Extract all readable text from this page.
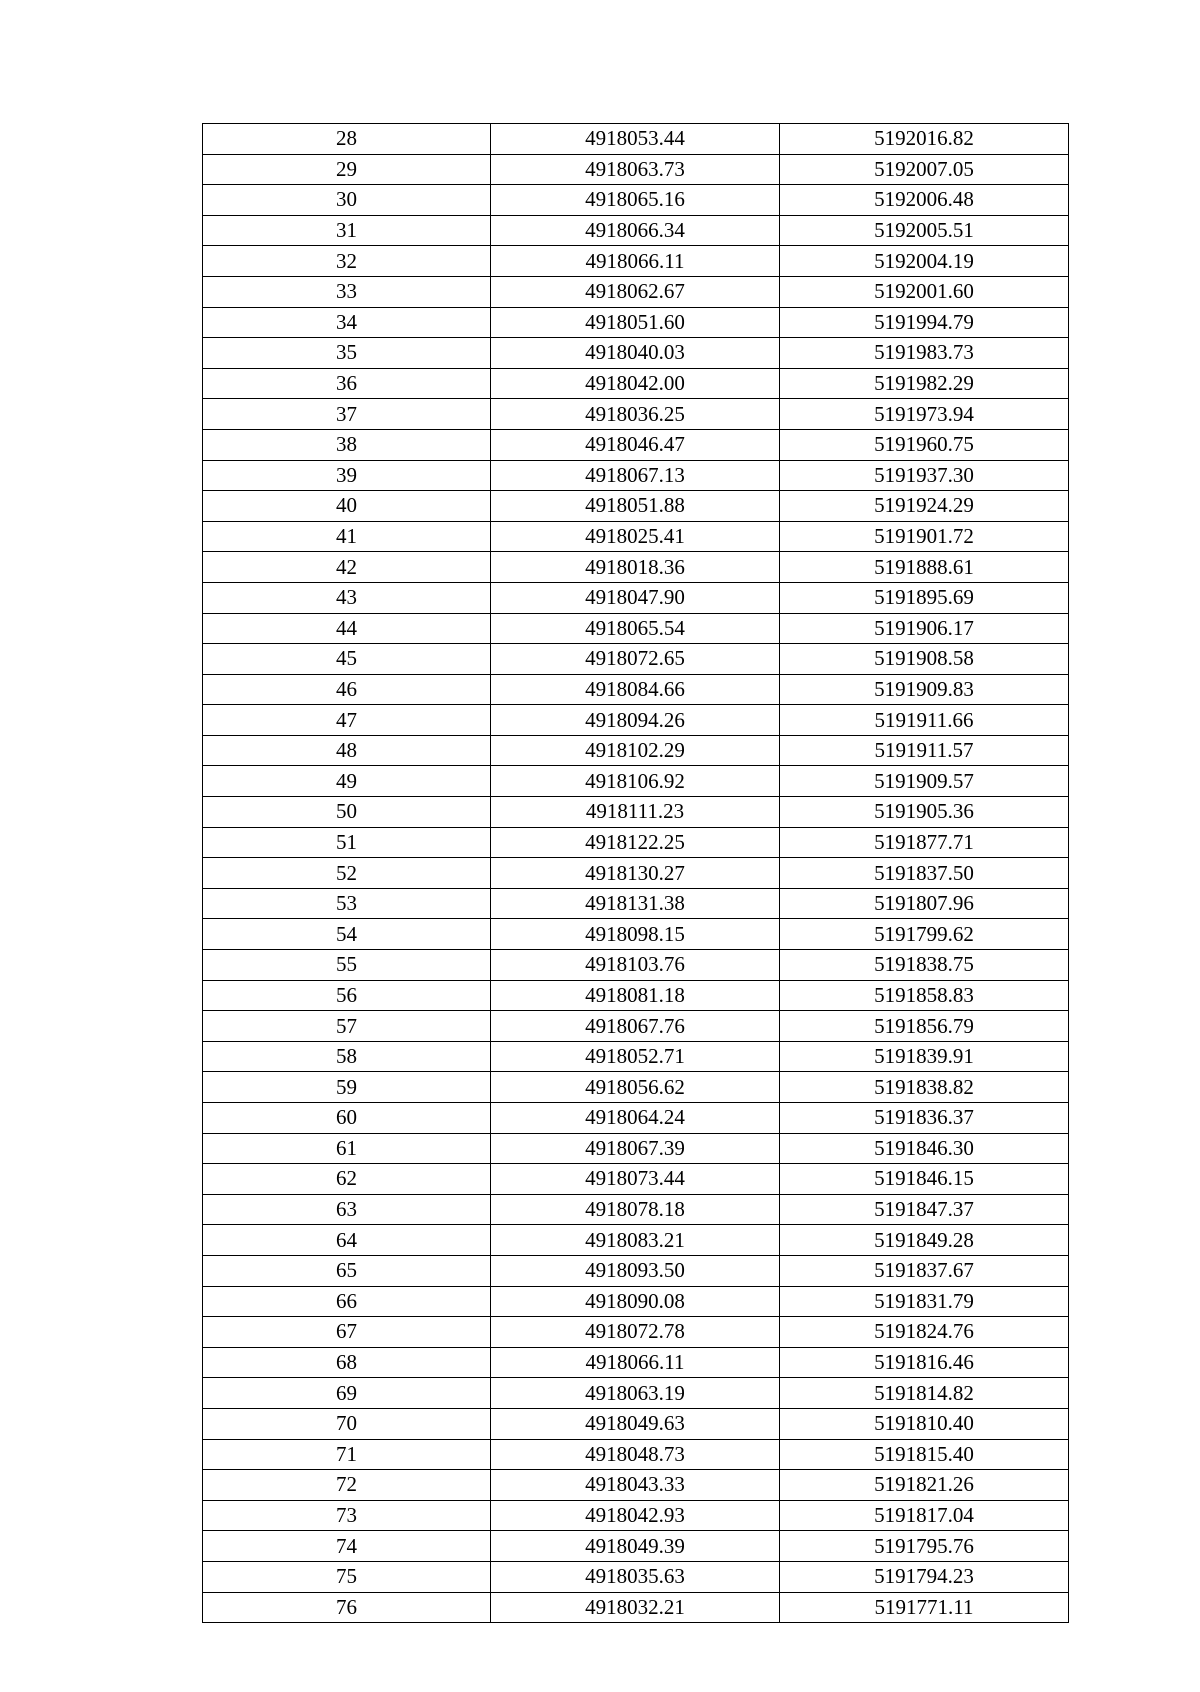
28	4918053.44	5192016.82
29	4918063.73	5192007.05
30	4918065.16	5192006.48
31	4918066.34	5192005.51
32	4918066.11	5192004.19
33	4918062.67	5192001.60
34	4918051.60	5191994.79
35	4918040.03	5191983.73
36	4918042.00	5191982.29
37	4918036.25	5191973.94
38	4918046.47	5191960.75
39	4918067.13	5191937.30
40	4918051.88	5191924.29
41	4918025.41	5191901.72
42	4918018.36	5191888.61
43	4918047.90	5191895.69
44	4918065.54	5191906.17
45	4918072.65	5191908.58
46	4918084.66	5191909.83
47	4918094.26	5191911.66
48	4918102.29	5191911.57
49	4918106.92	5191909.57
50	4918111.23	5191905.36
51	4918122.25	5191877.71
52	4918130.27	5191837.50
53	4918131.38	5191807.96
54	4918098.15	5191799.62
55	4918103.76	5191838.75
56	4918081.18	5191858.83
57	4918067.76	5191856.79
58	4918052.71	5191839.91
59	4918056.62	5191838.82
60	4918064.24	5191836.37
61	4918067.39	5191846.30
62	4918073.44	5191846.15
63	4918078.18	5191847.37
64	4918083.21	5191849.28
65	4918093.50	5191837.67
66	4918090.08	5191831.79
67	4918072.78	5191824.76
68	4918066.11	5191816.46
69	4918063.19	5191814.82
70	4918049.63	5191810.40
71	4918048.73	5191815.40
72	4918043.33	5191821.26
73	4918042.93	5191817.04
74	4918049.39	5191795.76
75	4918035.63	5191794.23
76	4918032.21	5191771.11
